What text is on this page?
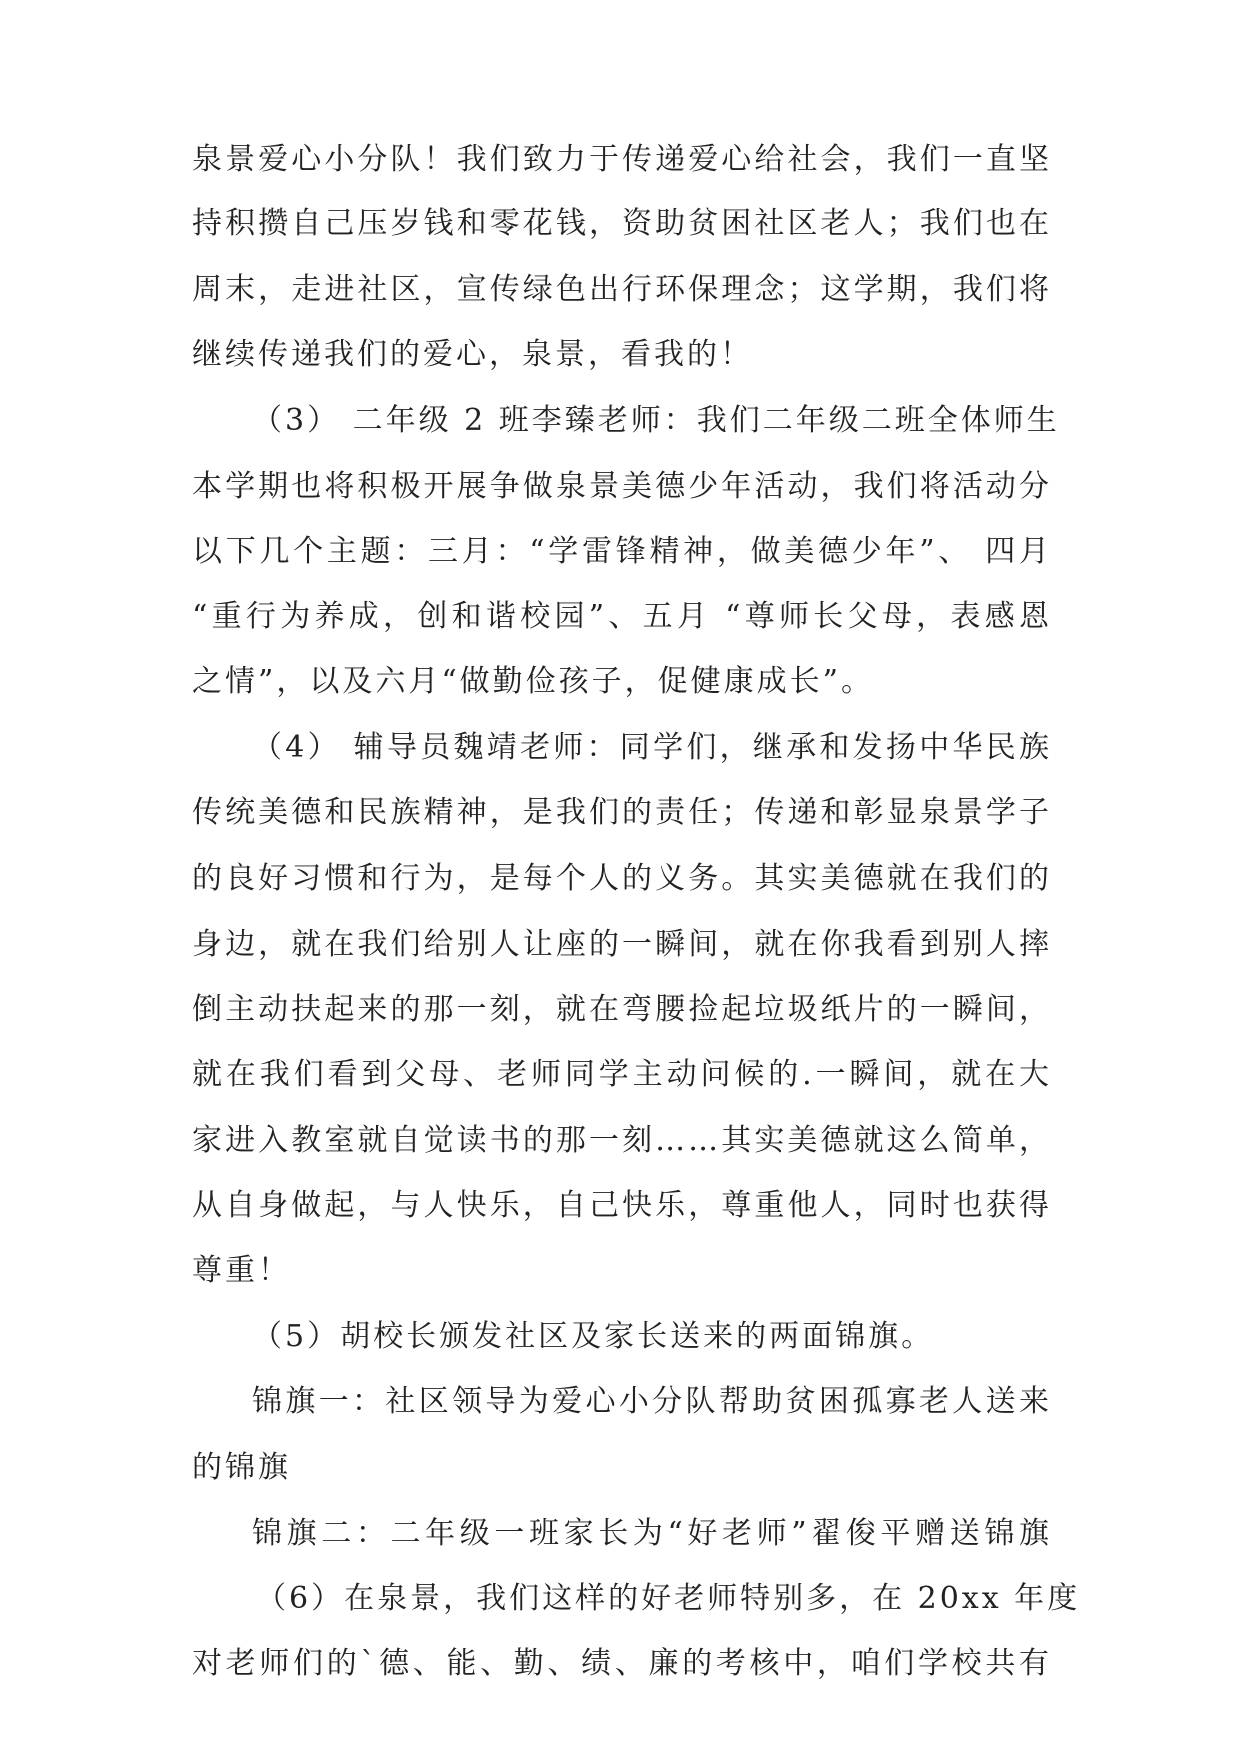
泉景爱心小分队！我们致力于传递爱心给社会，我们一直坚
持积攒自己压岁钱和零花钱，资助贫困社区老人；我们也在
周末，走进社区，宣传绿色出行环保理念；这学期，我们将
继续传递我们的爱心，泉景，看我的！
（3） 二年级 2 班李臻老师：我们二年级二班全体师生
本学期也将积极开展争做泉景美德少年活动，我们将活动分
以下几个主题：三月：“学雷锋精神，做美德少年”、 四月
“重行为养成，创和谐校园”、五月 “尊师长父母，表感恩
之情”，以及六月“做勤俭孩子，促健康成长”。
（4） 辅导员魏靖老师：同学们，继承和发扬中华民族
传统美德和民族精神，是我们的责任；传递和彰显泉景学子
的良好习惯和行为，是每个人的义务。其实美德就在我们的
身边，就在我们给别人让座的一瞬间，就在你我看到别人摔
倒主动扶起来的那一刻，就在弯腰捡起垃圾纸片的一瞬间，
就在我们看到父母、老师同学主动问候的.一瞬间，就在大
家进入教室就自觉读书的那一刻……其实美德就这么简单，
从自身做起，与人快乐，自己快乐，尊重他人，同时也获得
尊重！
（5）胡校长颁发社区及家长送来的两面锦旗。
锦旗一：社区领导为爱心小分队帮助贫困孤寡老人送来
的锦旗
锦旗二：二年级一班家长为“好老师”翟俊平赠送锦旗
（6）在泉景，我们这样的好老师特别多，在 20xx 年度
对老师们的`德、能、勤、绩、廉的考核中，咱们学校共有
